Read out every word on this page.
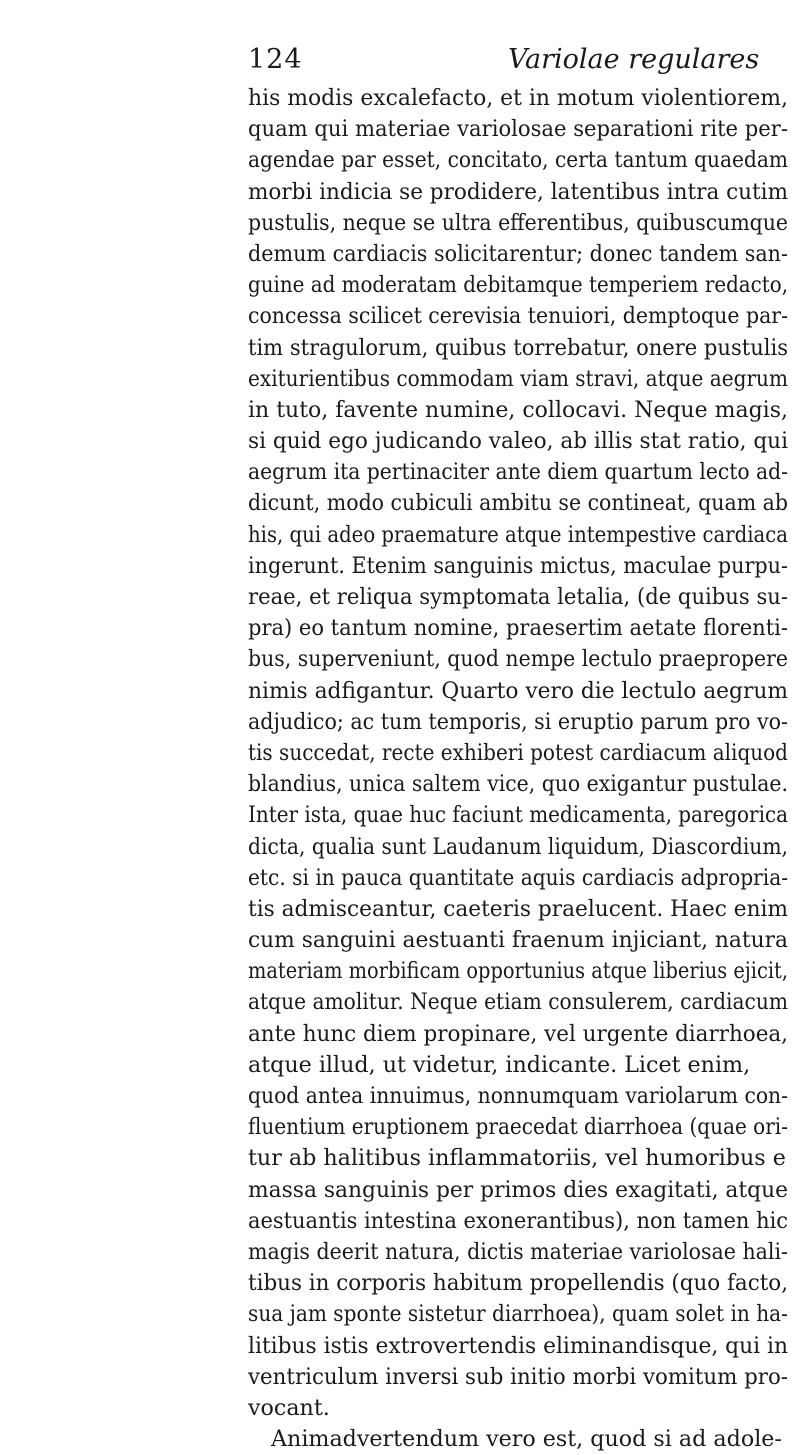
124	Variolae regulares
his modis excalefacto, et in motum violentiorem,
quam qui materiae variolosae separationi rite per-
agendae par esset, concitato, certa tantum quaedam
morbi indicia se prodidere, latentibus intra cutim
pustulis, neque se ultra efferentibus, quibuscumque
demum cardiacis solicitarentur; donec tandem san-
guine ad moderatam debitamque temperiem redacto,
concessa scilicet cerevisia tenuiori, demptoque par-
tim stragulorum, quibus torrebatur, onere pustulis
exiturientibus commodam viam stravi, atque aegrum
in tuto, favente numine, collocavi. Neque magis,
si quid ego judicando valeo, ab illis stat ratio, qui
aegrum ita pertinaciter ante diem quartum lecto ad-
dicunt, modo cubiculi ambitu se contineat, quam ab
his, qui adeo praemature atque intempestive cardiaca
ingerunt. Etenim sanguinis mictus, maculae purpu-
reae, et reliqua symptomata letalia, (de quibus su-
pra) eo tantum nomine, praesertim aetate florenti-
bus, superveniunt, quod nempe lectulo praepropere
nimis adfigantur. Quarto vero die lectulo aegrum
adjudico; ac tum temporis, si eruptio parum pro vo-
tis succedat, recte exhiberi potest cardiacum aliquod
blandius, unica saltem vice, quo exigantur pustulae.
Inter ista, quae huc faciunt medicamenta, paregorica
dicta, qualia sunt Laudanum liquidum, Diascordium,
etc. si in pauca quantitate aquis cardiacis adpropria-
tis admisceantur, caeteris praelucent. Haec enim
cum sanguini aestuanti fraenum injiciant, natura
materiam morbificam opportunius atque liberius ejicit,
atque amolitur. Neque etiam consulerem, cardiacum
ante hunc diem propinare, vel urgente diarrhoea,
atque illud, ut videtur, indicante. Licet enim,
quod antea innuimus, nonnumquam variolarum con-
fluentium eruptionem praecedat diarrhoea (quae ori-
tur ab halitibus inflammatoriis, vel humoribus e
massa sanguinis per primos dies exagitati, atque
aestuantis intestina exonerantibus), non tamen hic
magis deerit natura, dictis materiae variolosae hali-
tibus in corporis habitum propellendis (quo facto,
sua jam sponte sistetur diarrhoea), quam solet in ha-
litibus istis extrovertendis eliminandisque, qui in
ventriculum inversi sub initio morbi vomitum pro-
vocant.
Animadvertendum vero est, quod si ad adole-
